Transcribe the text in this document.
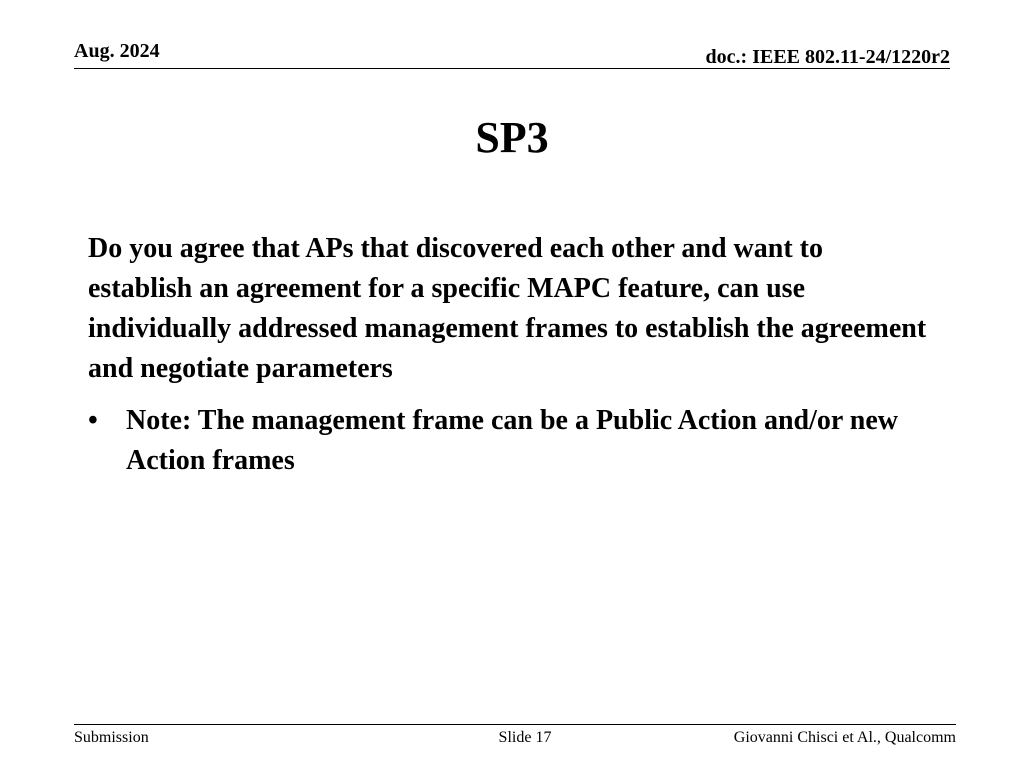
Aug. 2024	doc.: IEEE 802.11-24/1220r2
SP3

Do you agree that APs that discovered each other and want to establish an agreement for a specific MAPC feature, can use individually addressed management frames to establish the agreement and negotiate parameters

•	Note: The management frame can be a Public Action and/or new Action frames
Submission	Slide 17	Giovanni Chisci et Al., Qualcomm
